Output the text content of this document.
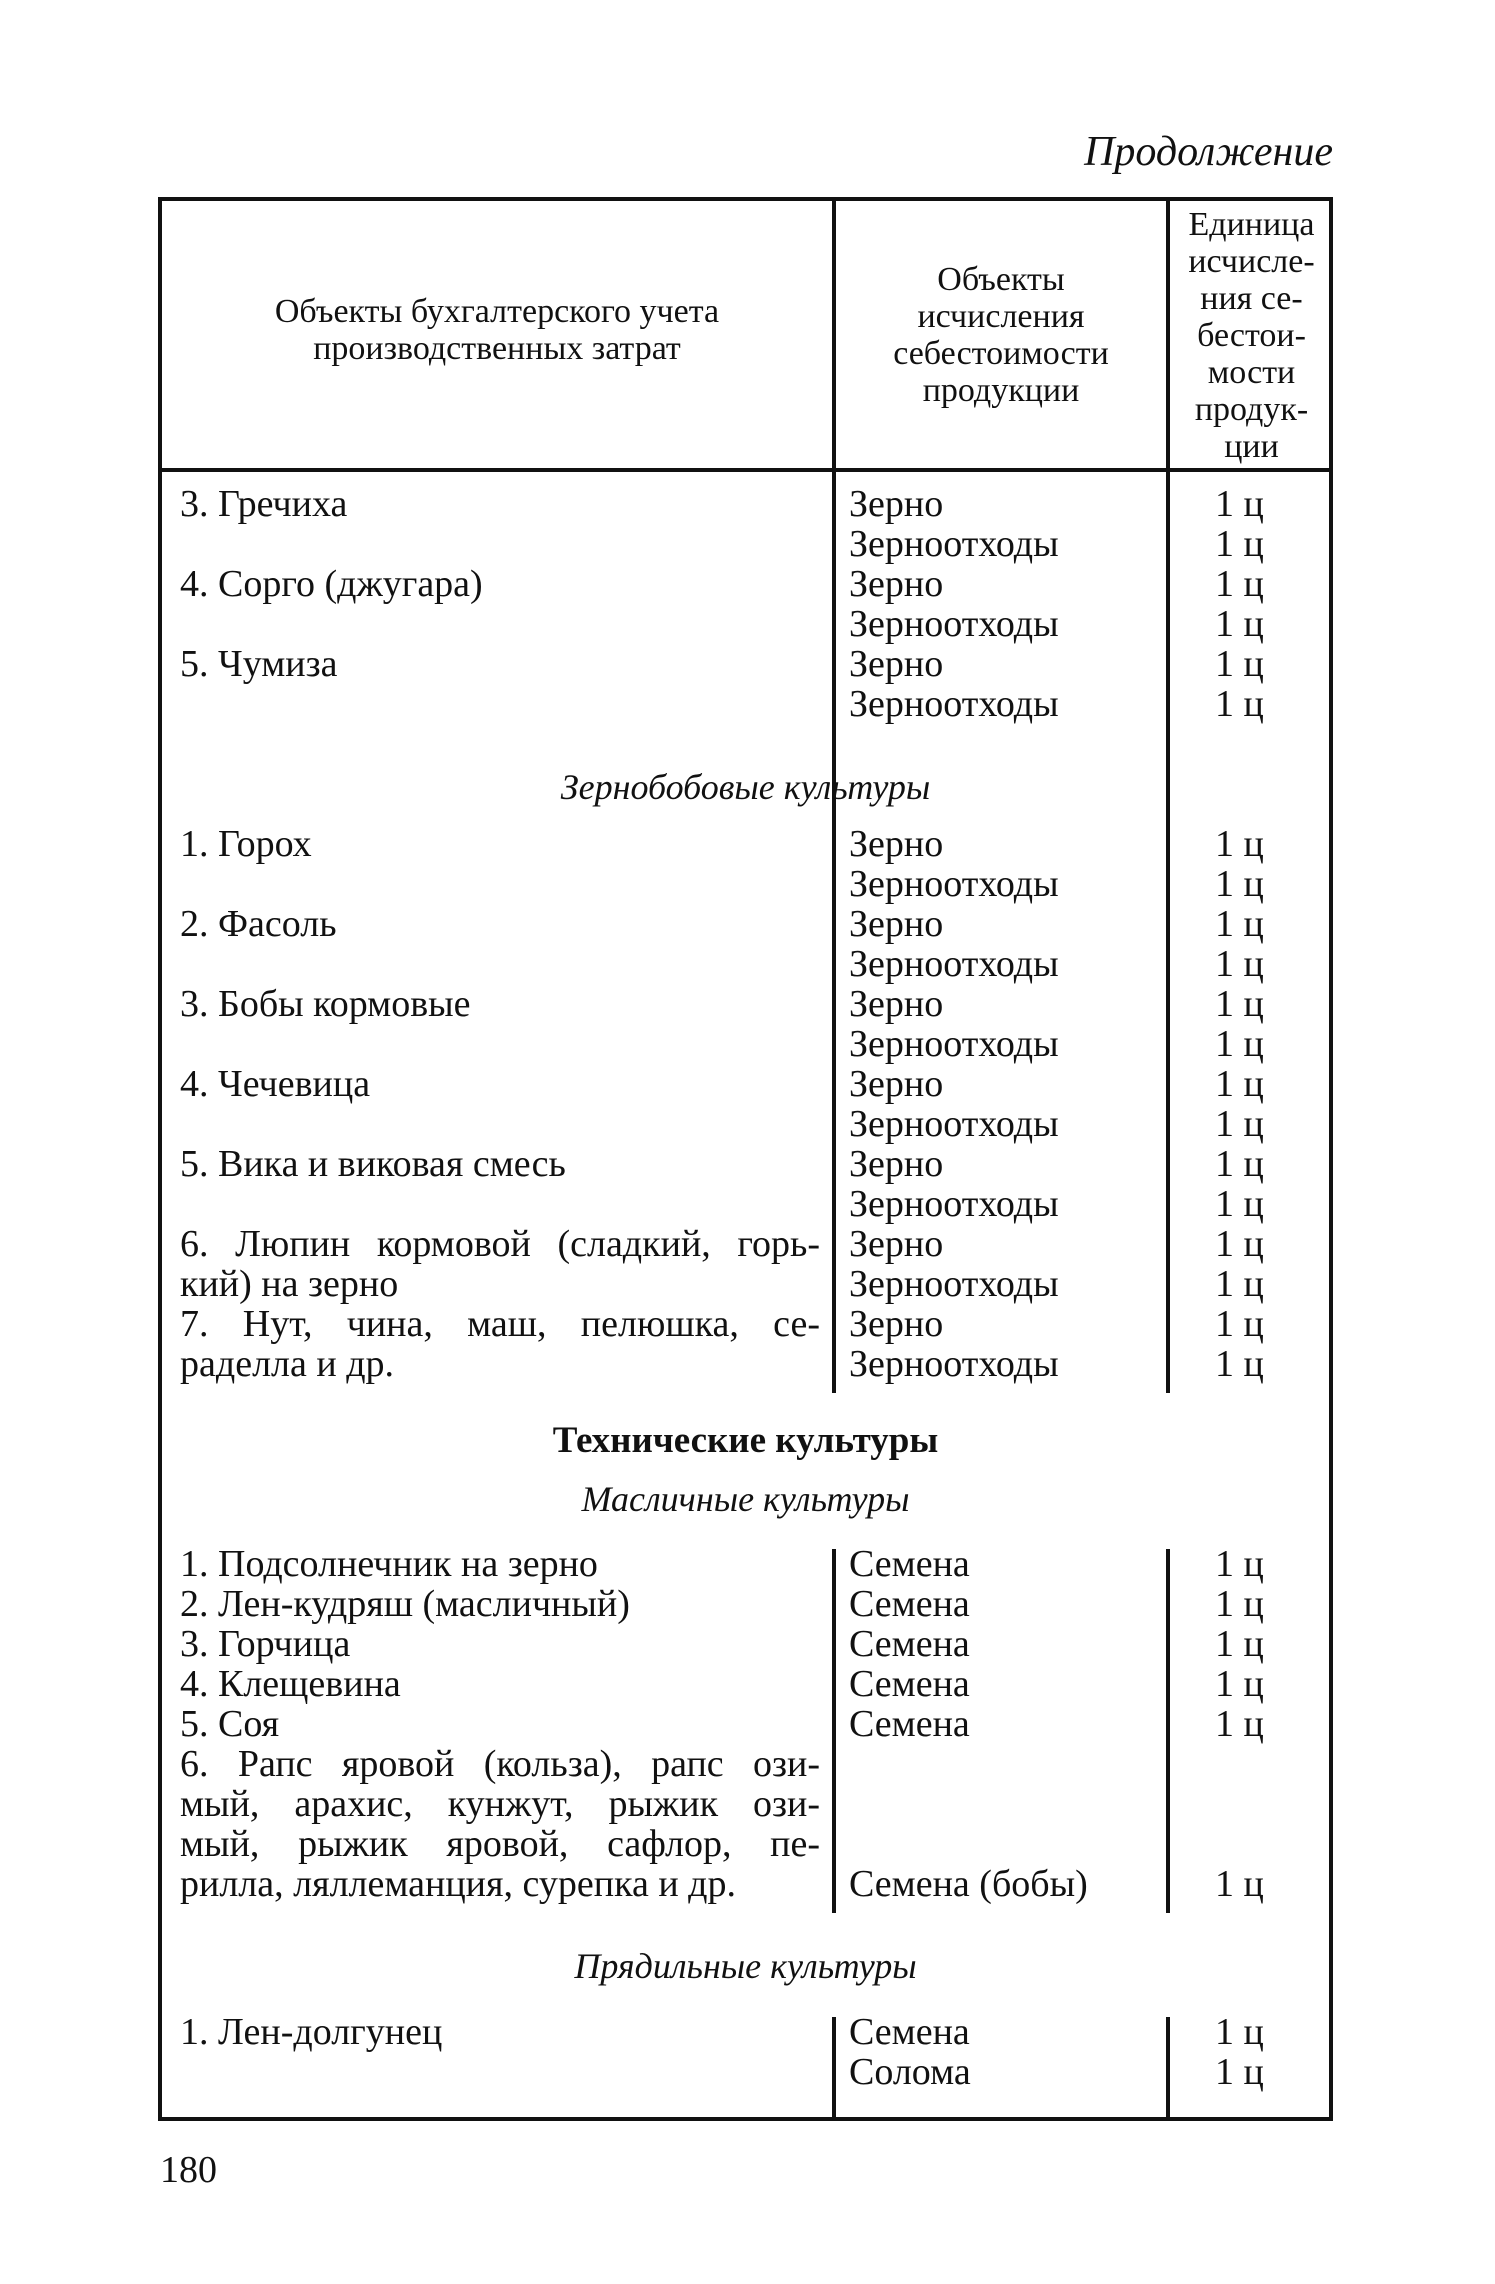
Продолжение
Объекты бухгалтерского учета
производственных затрат
Объекты
исчисления
себестоимости
продукции
Единица
исчисле-
ния се-
бестои-
мости
продук-
ции
3. Гречиха
4. Сорго (джугара)
5. Чумиза
Зерно
Зерноотходы
Зерно
Зерноотходы
Зерно
Зерноотходы
1 ц
1 ц
1 ц
1 ц
1 ц
1 ц
Зернобобовые культуры
1. Горох
2. Фасоль
3. Бобы кормовые
4. Чечевица
5. Вика и виковая смесь
6. Люпин кормовой (сладкий, горь-
кий) на зерно
7. Нут, чина, маш, пелюшка, се-
раделла и др.
Зерно
Зерноотходы
Зерно
Зерноотходы
Зерно
Зерноотходы
Зерно
Зерноотходы
Зерно
Зерноотходы
Зерно
Зерноотходы
Зерно
Зерноотходы
1 ц
1 ц
1 ц
1 ц
1 ц
1 ц
1 ц
1 ц
1 ц
1 ц
1 ц
1 ц
1 ц
1 ц
Технические культуры
Масличные культуры
1. Подсолнечник на зерно
2. Лен-кудряш (масличный)
3. Горчица
4. Клещевина
5. Соя
6. Рапс яровой (кольза), рапс ози-
мый, арахис, кунжут, рыжик ози-
мый, рыжик яровой, сафлор, пе-
рилла, ляллеманция, сурепка и др.
Семена
Семена
Семена
Семена
Семена
Семена (бобы)
1 ц
1 ц
1 ц
1 ц
1 ц
1 ц
Прядильные культуры
1. Лен-долгунец	Семена
Солома
1 ц
1 ц
180
